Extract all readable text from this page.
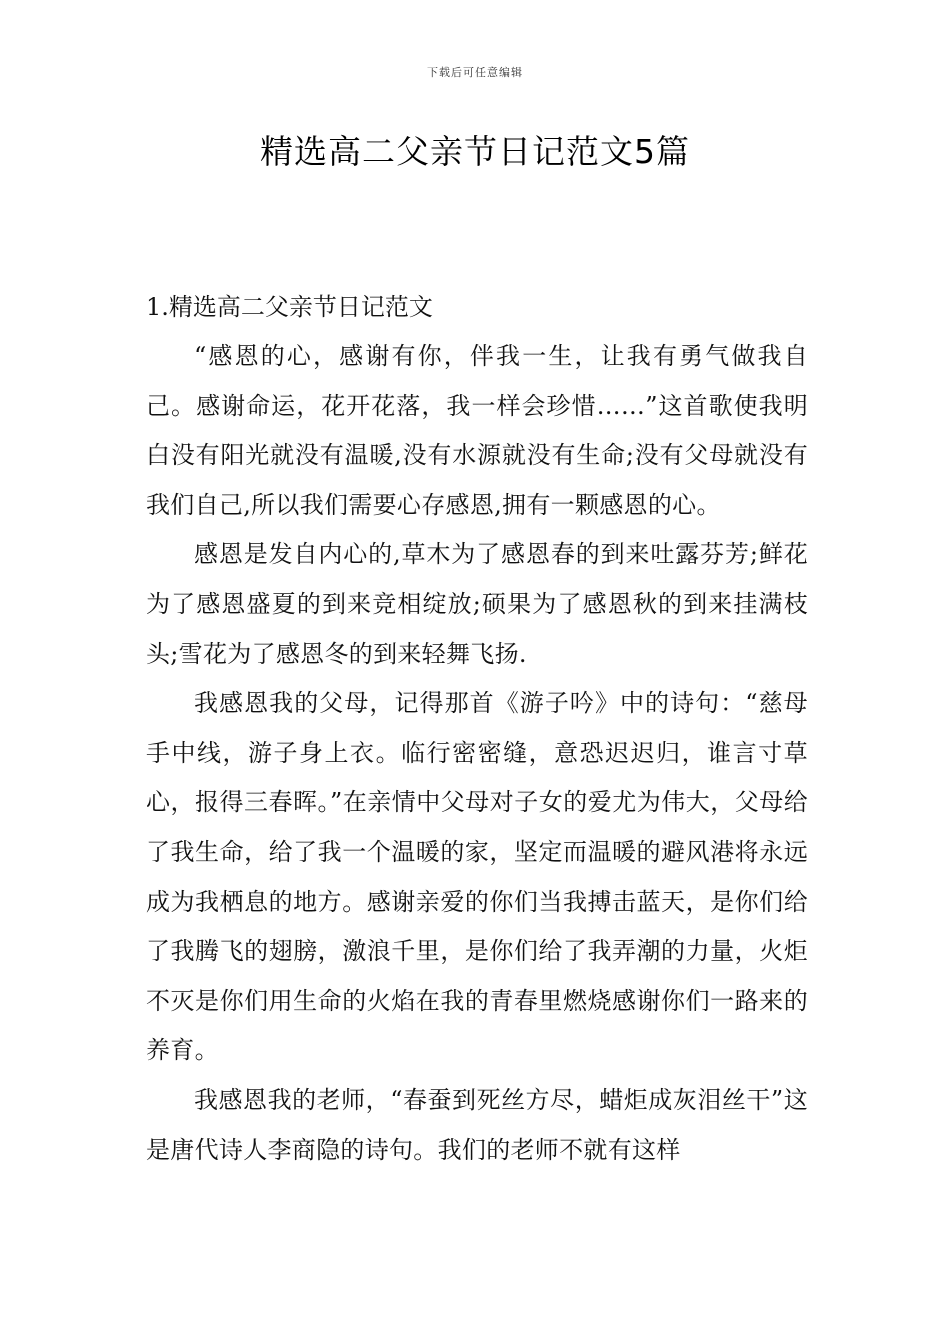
下载后可任意编辑
精选高二父亲节日记范文5篇

1.精选高二父亲节日记范文

“感恩的心，感谢有你，伴我一生，让我有勇气做我自己。感谢命运，花开花落，我一样会珍惜……”这首歌使我明白没有阳光就没有温暖,没有水源就没有生命;没有父母就没有我们自己,所以我们需要心存感恩,拥有一颗感恩的心。

感恩是发自内心的,草木为了感恩春的到来吐露芬芳;鲜花为了感恩盛夏的到来竞相绽放;硕果为了感恩秋的到来挂满枝头;雪花为了感恩冬的到来轻舞飞扬.

我感恩我的父母，记得那首《游子吟》中的诗句：“慈母手中线，游子身上衣。临行密密缝，意恐迟迟归，谁言寸草心，报得三春晖。”在亲情中父母对子女的爱尤为伟大，父母给了我生命，给了我一个温暖的家，坚定而温暖的避风港将永远成为我栖息的地方。感谢亲爱的你们当我搏击蓝天，是你们给了我腾飞的翅膀，激浪千里，是你们给了我弄潮的力量，火炬不灭是你们用生命的火焰在我的青春里燃烧感谢你们一路来的养育。

我感恩我的老师，“春蚕到死丝方尽，蜡炬成灰泪丝干”这是唐代诗人李商隐的诗句。我们的老师不就有这样
